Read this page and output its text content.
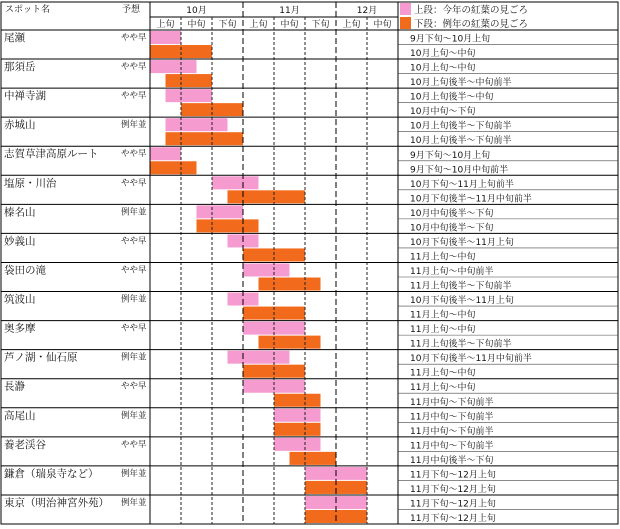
スポット名	予想	10月	11月	12月
上旬 中旬 下旬 上旬 中旬 下旬 上旬 中旬
上段：今年の紅葉の見ごろ
下段：例年の紅葉の見ごろ
尾瀬	やや早	9月下旬～10月上旬
10月上旬～中旬
那須岳	やや早	10月上旬～中旬
10月上旬後半～中旬前半
中禅寺湖	やや早	10月上旬後半～中旬
10月中旬～下旬
赤城山	例年並	10月上旬後半～下旬前半
10月上旬後半～下旬前半
志賀草津高原ルート	やや早	9月下旬～10月上旬
9月下旬～10月中旬前半
塩原・川治	やや早	10月下旬～11月上旬前半
10月下旬後半～11月中旬前半
榛名山	例年並	10月中旬後半～下旬
10月中旬後半～下旬
妙義山	やや早	10月下旬後半～11月上旬
11月上旬～中旬
袋田の滝	やや早	11月上旬～中旬前半
11月上旬後半～下旬前半
筑波山	例年並	10月下旬後半～11月上旬
11月上旬～中旬
奥多摩	やや早	11月上旬～中旬
11月上旬後半～下旬前半
芦ノ湖・仙石原	例年並	10月下旬後半～11月中旬前半
11月上旬～中旬
長瀞	やや早	11月上旬～中旬
11月中旬～下旬前半
高尾山	例年並	11月中旬～下旬前半
11月中旬～下旬前半
養老渓谷	やや早	11月中旬～下旬前半
11月中旬後半～下旬
鎌倉（瑞泉寺など）	例年並	11月下旬～12月上旬
11月下旬～12月上旬
東京（明治神宮外苑） 例年並	11月下旬～12月上旬
11月下旬～12月上旬
